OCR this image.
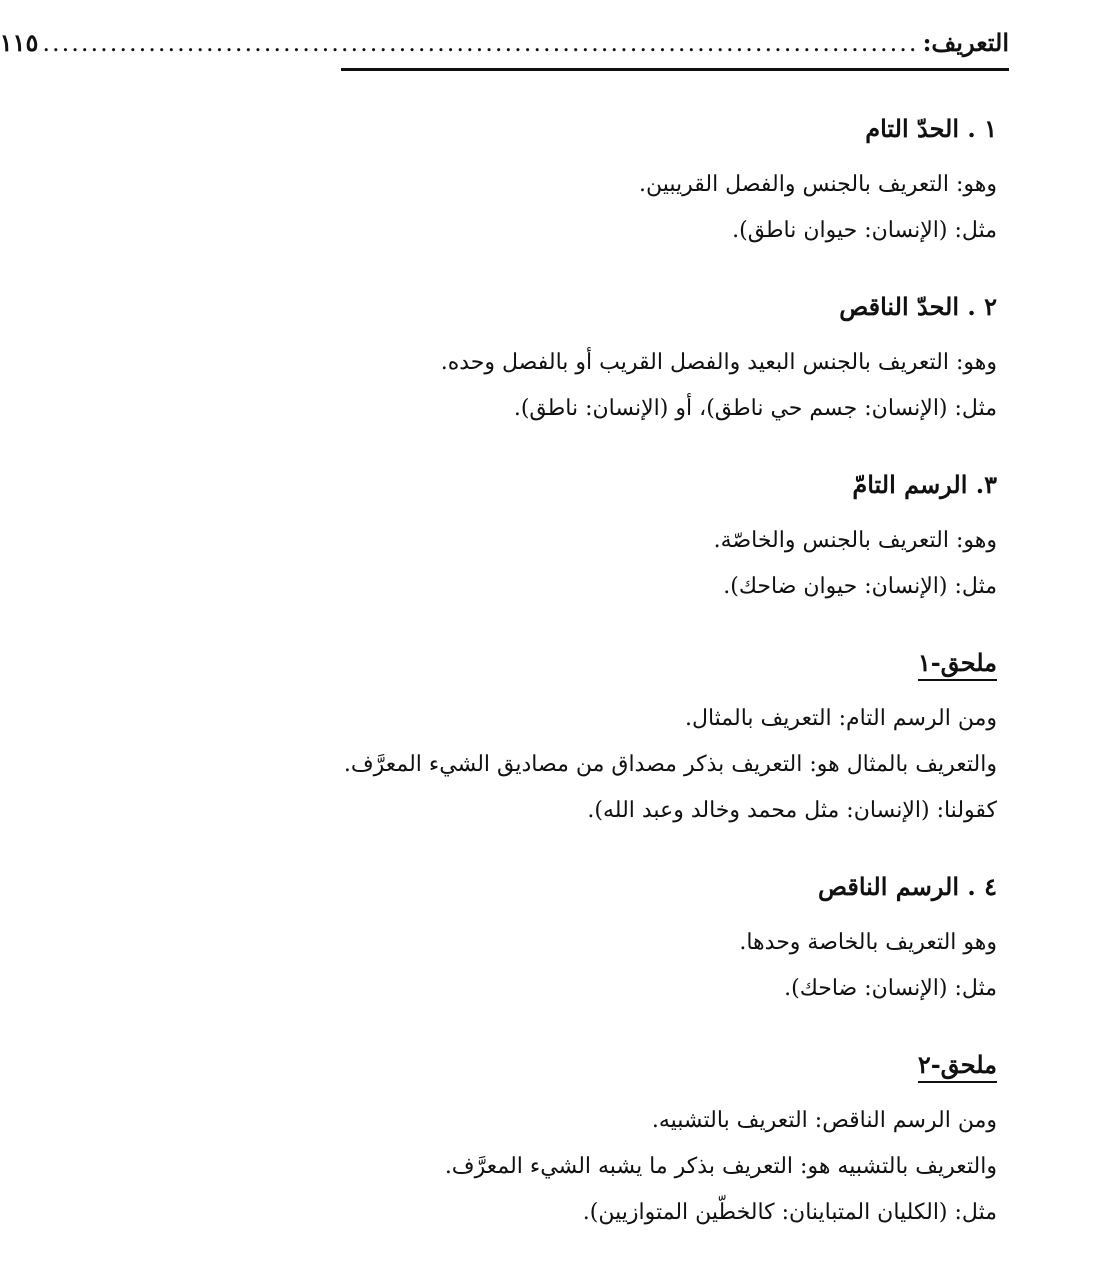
التعريف:
...........................................................................................
١١٥
١ . الحدّ التام
وهو: التعريف بالجنس والفصل القريبين.
مثل: (الإنسان: حيوان ناطق).
٢ . الحدّ الناقص
وهو: التعريف بالجنس البعيد والفصل القريب أو بالفصل وحده.
مثل: (الإنسان: جسم حي ناطق)، أو (الإنسان: ناطق).
٣. الرسم التامّ
وهو: التعريف بالجنس والخاصّة.
مثل: (الإنسان: حيوان ضاحك).
ملحق-١
ومن الرسم التام: التعريف بالمثال.
والتعريف بالمثال هو: التعريف بذكر مصداق من مصاديق الشيء المعرَّف.
كقولنا: (الإنسان: مثل محمد وخالد وعبد الله).
٤ . الرسم الناقص
وهو التعريف بالخاصة وحدها.
مثل: (الإنسان: ضاحك).
ملحق-٢
ومن الرسم الناقص: التعريف بالتشبيه.
والتعريف بالتشبيه هو: التعريف بذكر ما يشبه الشيء المعرَّف.
مثل: (الكليان المتباينان: كالخطّين المتوازيين).
